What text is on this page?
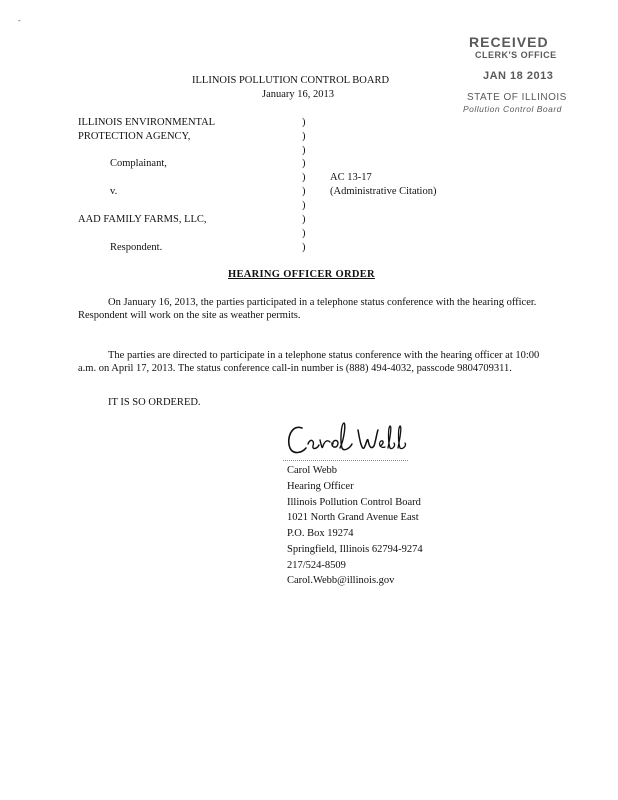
-
RECEIVED
CLERK'S OFFICE
JAN 18 2013
STATE OF ILLINOIS
Pollution Control Board
ILLINOIS POLLUTION CONTROL BOARD
January 16, 2013
ILLINOIS ENVIRONMENTAL
PROTECTION AGENCY,
Complainant,
v.
AAD FAMILY FARMS, LLC,
Respondent.
)
)
)
)
)
)
)
)
)
)
AC 13-17
(Administrative Citation)
HEARING OFFICER ORDER
On January 16, 2013, the parties participated in a telephone status conference with the hearing officer. Respondent will work on the site as weather permits.
The parties are directed to participate in a telephone status conference with the hearing officer at 10:00 a.m. on April 17, 2013. The status conference call-in number is (888) 494-4032, passcode 9804709311.
IT IS SO ORDERED.
Carol Webb
Hearing Officer
Illinois Pollution Control Board
1021 North Grand Avenue East
P.O. Box 19274
Springfield, Illinois 62794-9274
217/524-8509
Carol.Webb@illinois.gov
